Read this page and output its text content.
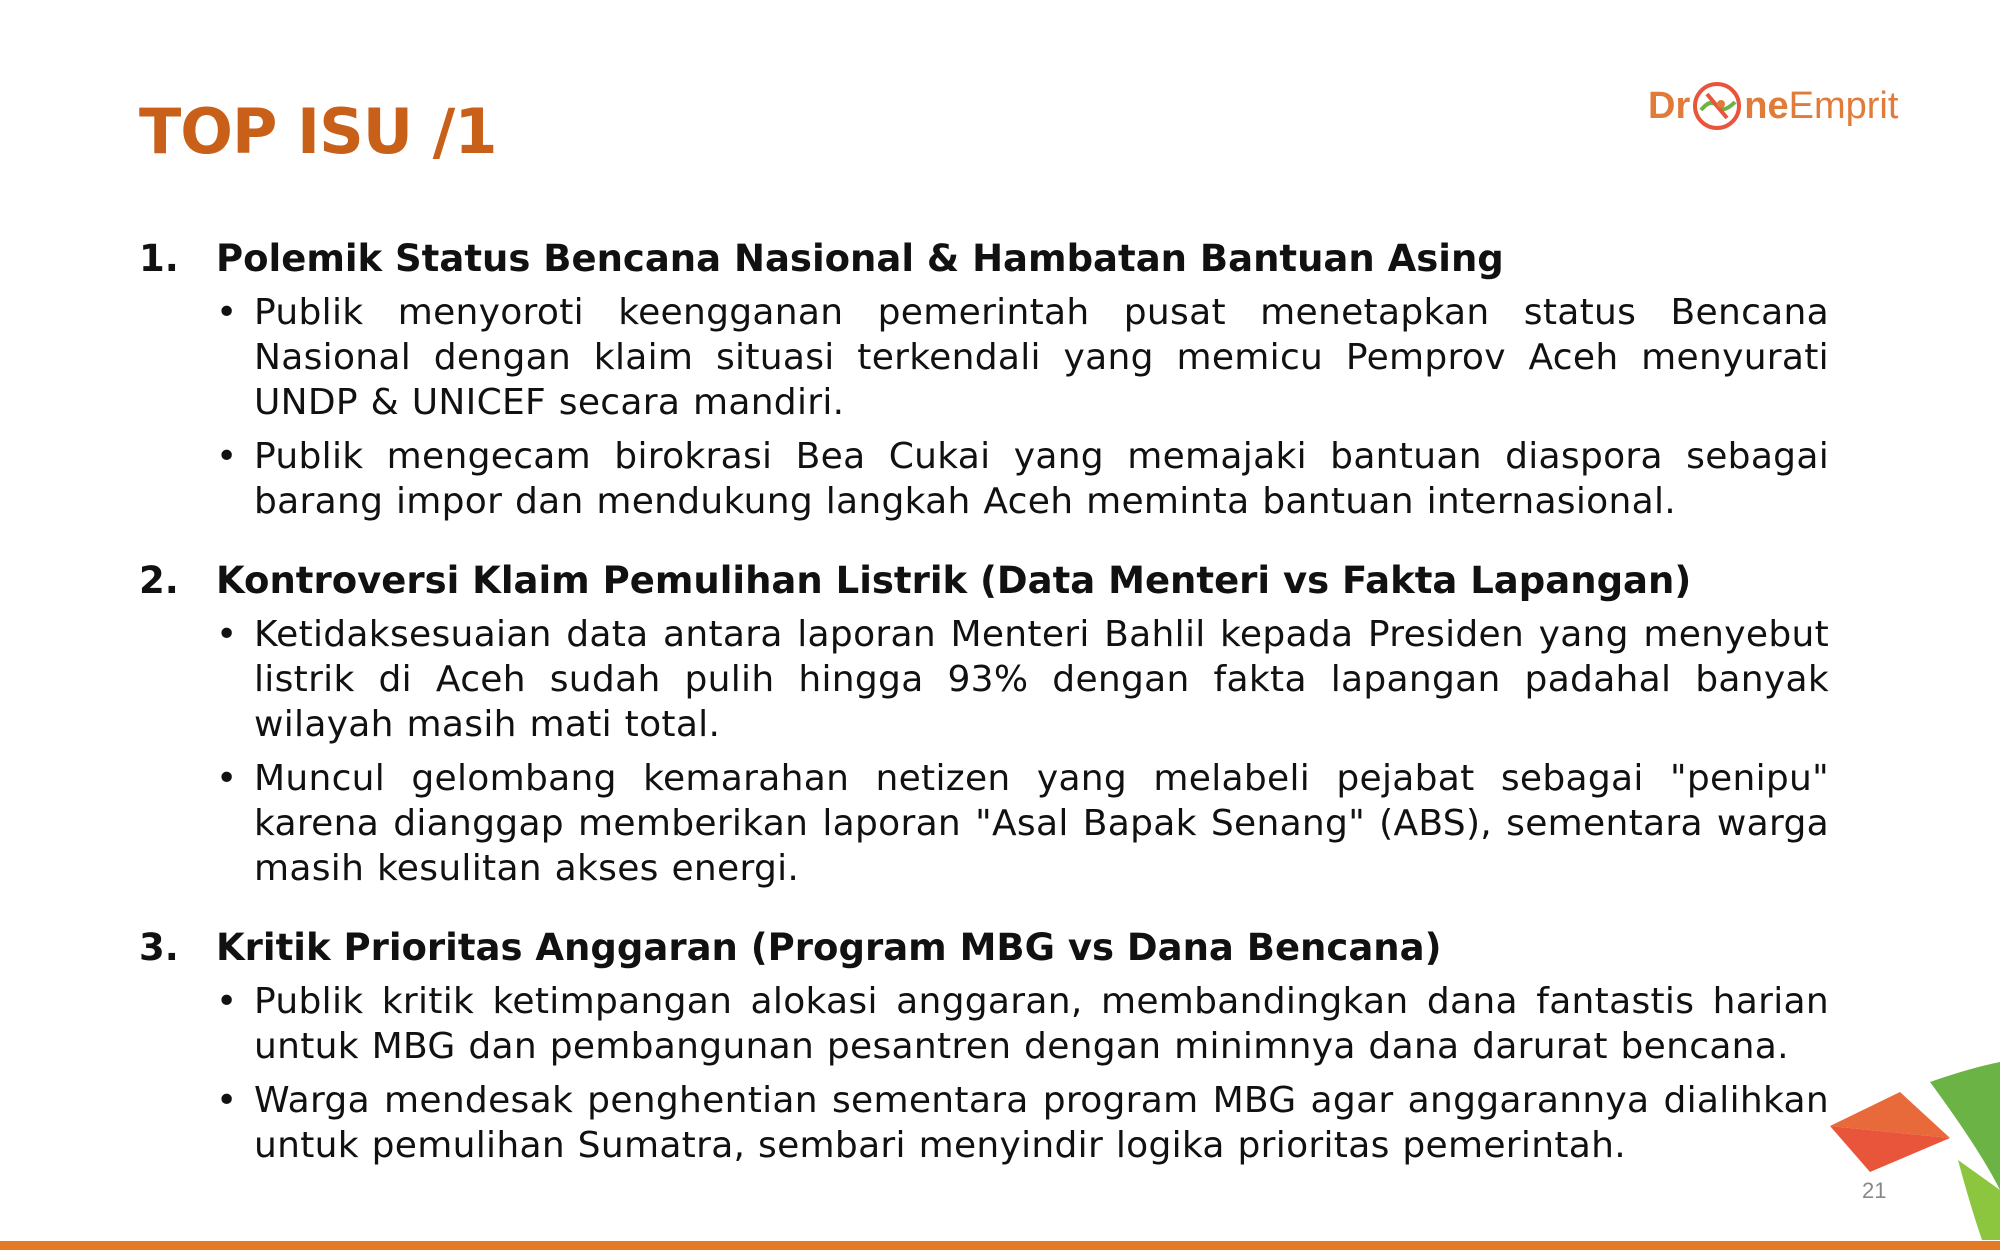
TOP ISU /1	Dr ne Emprit
1.	Polemik Status Bencana Nasional & Hambatan Bantuan Asing
• Publik menyoroti keengganan pemerintah pusat menetapkan status Bencana Nasional dengan klaim situasi terkendali yang memicu Pemprov Aceh menyurati UNDP & UNICEF secara mandiri.
• Publik mengecam birokrasi Bea Cukai yang memajaki bantuan diaspora sebagai barang impor dan mendukung langkah Aceh meminta bantuan internasional.
2.	Kontroversi Klaim Pemulihan Listrik (Data Menteri vs Fakta Lapangan)
• Ketidaksesuaian data antara laporan Menteri Bahlil kepada Presiden yang menyebut listrik di Aceh sudah pulih hingga 93% dengan fakta lapangan padahal banyak wilayah masih mati total.
• Muncul gelombang kemarahan netizen yang melabeli pejabat sebagai "penipu" karena dianggap memberikan laporan "Asal Bapak Senang" (ABS), sementara warga masih kesulitan akses energi.
3.	Kritik Prioritas Anggaran (Program MBG vs Dana Bencana)
• Publik kritik ketimpangan alokasi anggaran, membandingkan dana fantastis harian untuk MBG dan pembangunan pesantren dengan minimnya dana darurat bencana.
• Warga mendesak penghentian sementara program MBG agar anggarannya dialihkan untuk pemulihan Sumatra, sembari menyindir logika prioritas pemerintah.
21
